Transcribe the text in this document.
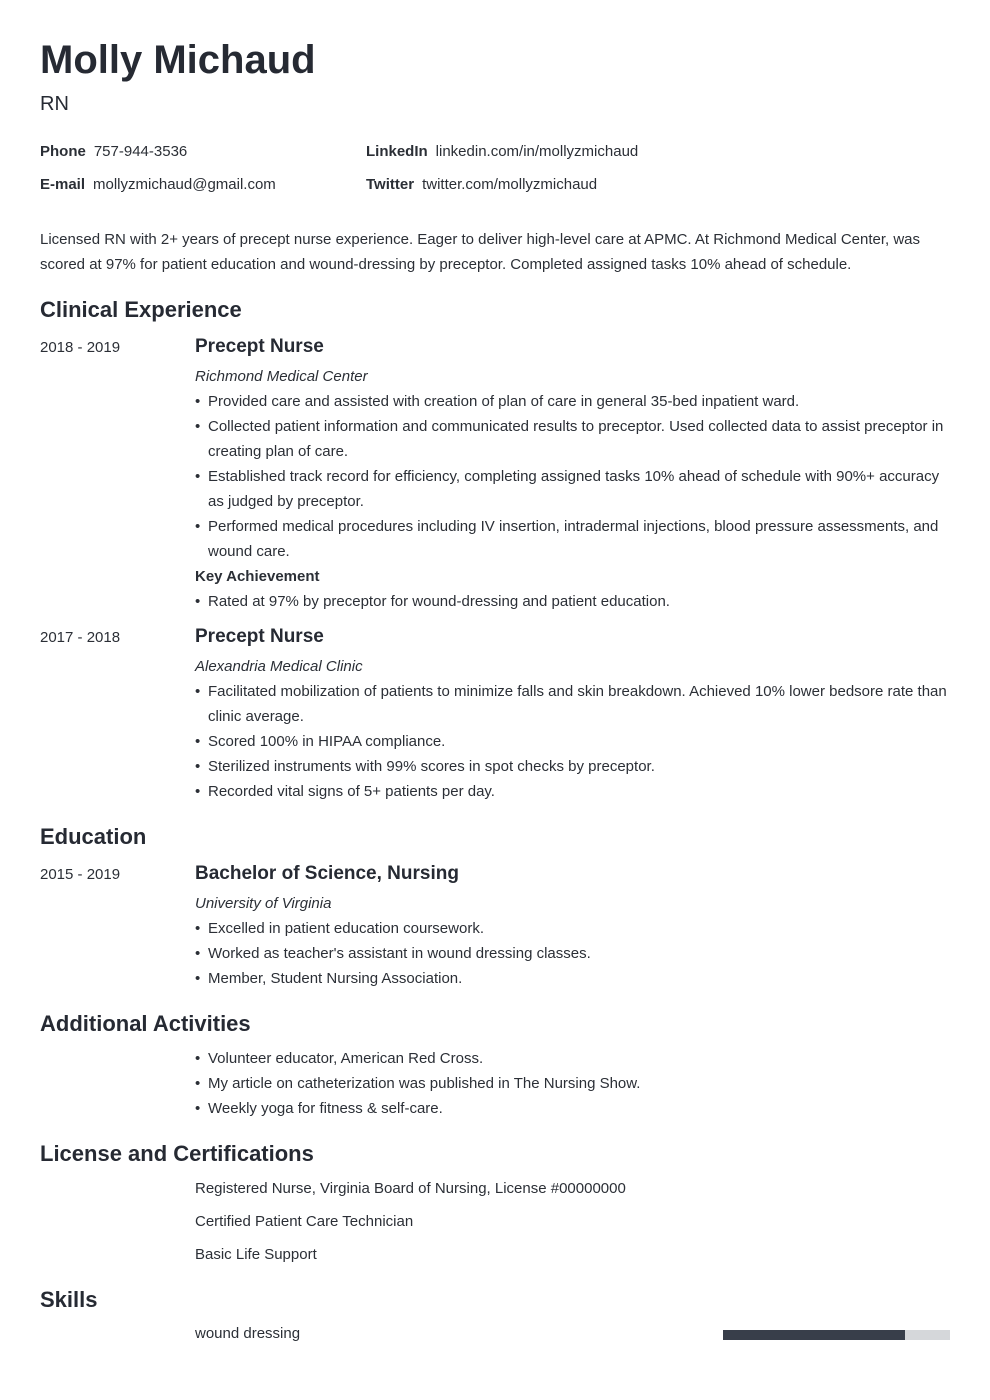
Molly Michaud
RN
Phone 757-944-3536
E-mail mollyzmichaud@gmail.com
LinkedIn linkedin.com/in/mollyzmichaud
Twitter twitter.com/mollyzmichaud
Licensed RN with 2+ years of precept nurse experience. Eager to deliver high-level care at APMC. At Richmond Medical Center, was scored at 97% for patient education and wound-dressing by preceptor. Completed assigned tasks 10% ahead of schedule.
Clinical Experience
2018 - 2019	Precept Nurse
Richmond Medical Center
• Provided care and assisted with creation of plan of care in general 35-bed inpatient ward.
• Collected patient information and communicated results to preceptor. Used collected data to assist preceptor in creating plan of care.
• Established track record for efficiency, completing assigned tasks 10% ahead of schedule with 90%+ accuracy as judged by preceptor.
• Performed medical procedures including IV insertion, intradermal injections, blood pressure assessments, and wound care.
Key Achievement
• Rated at 97% by preceptor for wound-dressing and patient education.
2017 - 2018	Precept Nurse
Alexandria Medical Clinic
• Facilitated mobilization of patients to minimize falls and skin breakdown. Achieved 10% lower bedsore rate than clinic average.
• Scored 100% in HIPAA compliance.
• Sterilized instruments with 99% scores in spot checks by preceptor.
• Recorded vital signs of 5+ patients per day.
Education
2015 - 2019	Bachelor of Science, Nursing
University of Virginia
• Excelled in patient education coursework.
• Worked as teacher's assistant in wound dressing classes.
• Member, Student Nursing Association.
Additional Activities
• Volunteer educator, American Red Cross.
• My article on catheterization was published in The Nursing Show.
• Weekly yoga for fitness & self-care.
License and Certifications
Registered Nurse, Virginia Board of Nursing, License #00000000
Certified Patient Care Technician
Basic Life Support
Skills
wound dressing
